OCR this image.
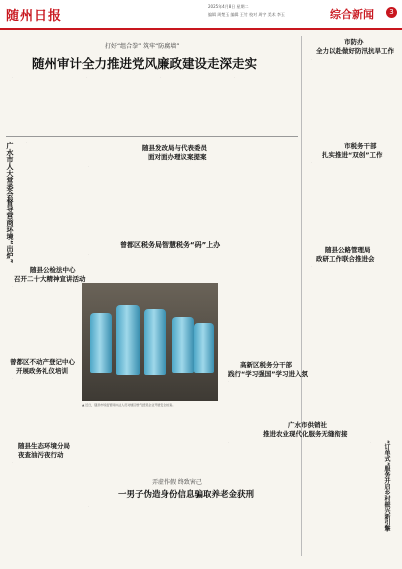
随州日报
2025年4月8日 星期二
编辑 周楚玉 编辑 王竹 校对 周宇 美术 李玉	综合新闻	3
打好“组合拳” 筑牢“防腐墙”
随州审计全力推进党风廉政建设走深走实

·	·	·	·

市防办
全力以赴做好防汛抗旱工作

·

市税务干部
扎实推进“双创”工作

·

随县公路管理局
政研工作联合推进会

·

广水市人大常委会督导营商环境“出炉”	·

随县发改局与代表委员
面对面办理议案提案

·

曾都区税务局智慧税务“码”上办

·

▲ 近日，随县市场监管局执法人员对辖区燃气经营企业开展安全检查。
随县公检法中心
召开二十大精神宣讲活动

·

曾都区不动产登记中心
开展政务礼仪培训

·

随县生态环境分局
夜查油污夜行动

·

高新区税务分干部
践行“学习强国”学习进入氛

·

广水市供销社
推进农业现代化服务无缝衔接

·	“订单式”服务开启乡村振兴新引擎

·

弄虚作假 终致害己
一男子伪造身份信息骗取养老金获刑

·
